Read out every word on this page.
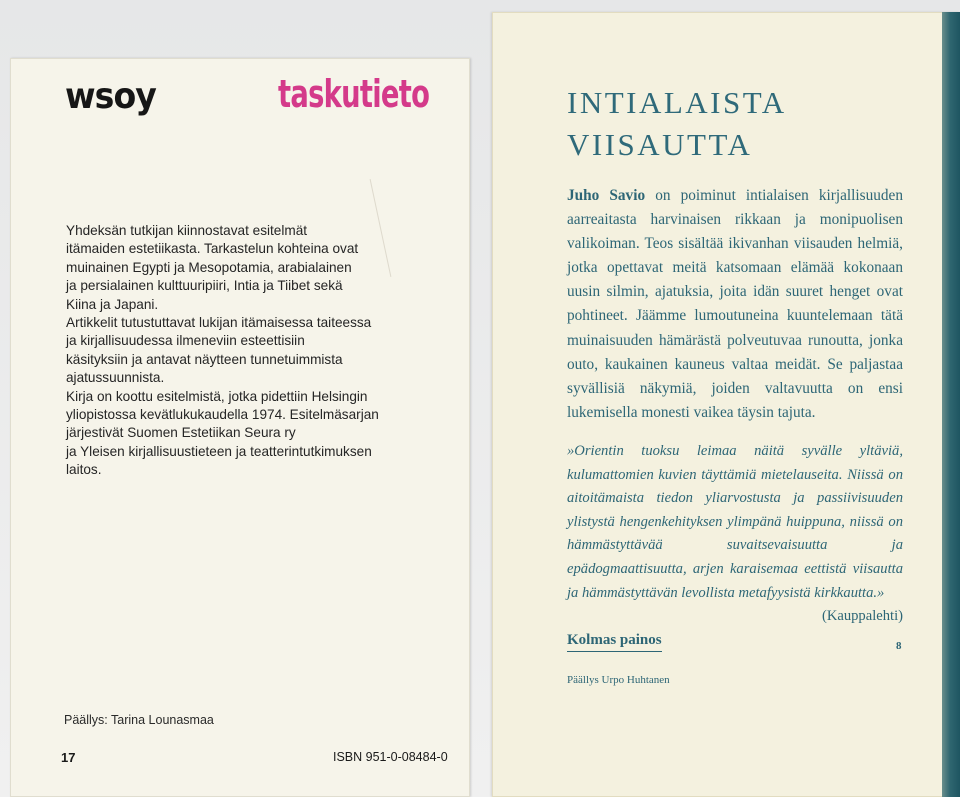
wsoy	taskutieto

Yhdeksän tutkijan kiinnostavat esitelmät
itämaiden estetiikasta. Tarkastelun kohteina ovat
muinainen Egypti ja Mesopotamia, arabialainen
ja persialainen kulttuuripiiri, Intia ja Tiibet sekä
Kiina ja Japani.

Artikkelit tutustuttavat lukijan itämaisessa taiteessa
ja kirjallisuudessa ilmeneviin esteettisiin
käsityksiin ja antavat näytteen tunnetuimmista
ajatussuunnista.

Kirja on koottu esitelmistä, jotka pidettiin Helsingin
yliopistossa kevätlukukaudella 1974. Esitelmäsarjan
järjestivät Suomen Estetiikan Seura ry
ja Yleisen kirjallisuustieteen ja teatterintutkimuksen
laitos.

Päällys: Tarina Lounasmaa
17	ISBN 951-0-08484-0
INTIALAISTA
VIISAUTTA
Juho Savio on poiminut intialaisen kirjallisuuden aarreaitasta harvinaisen rikkaan ja monipuolisen valikoiman. Teos sisältää ikivanhan viisauden helmiä, jotka opettavat meitä katsomaan elämää kokonaan uusin silmin, ajatuksia, joita idän suuret henget ovat pohtineet. Jäämme lumoutuneina kuuntelemaan tätä muinaisuuden hämärästä polveutuvaa runoutta, jonka outo, kaukainen kauneus valtaa meidät. Se paljastaa syvällisiä näkymiä, joiden valtavuutta on ensi lukemisella monesti vaikea täysin tajuta.
»Orientin tuoksu leimaa näitä syvälle yltäviä, kulumattomien kuvien täyttämiä mietelauseita. Niissä on aitoitämaista tiedon yliarvostusta ja passiivisuuden ylistystä hengenkehityksen ylimpänä huippuna, niissä on hämmästyttävää suvaitsevaisuutta ja epädogmaattisuutta, arjen karaisemaa eettistä viisautta ja hämmästyttävän levollista metafyysistä kirkkautta.»
(Kauppalehti)
Kolmas painos	8
Päällys Urpo Huhtanen
